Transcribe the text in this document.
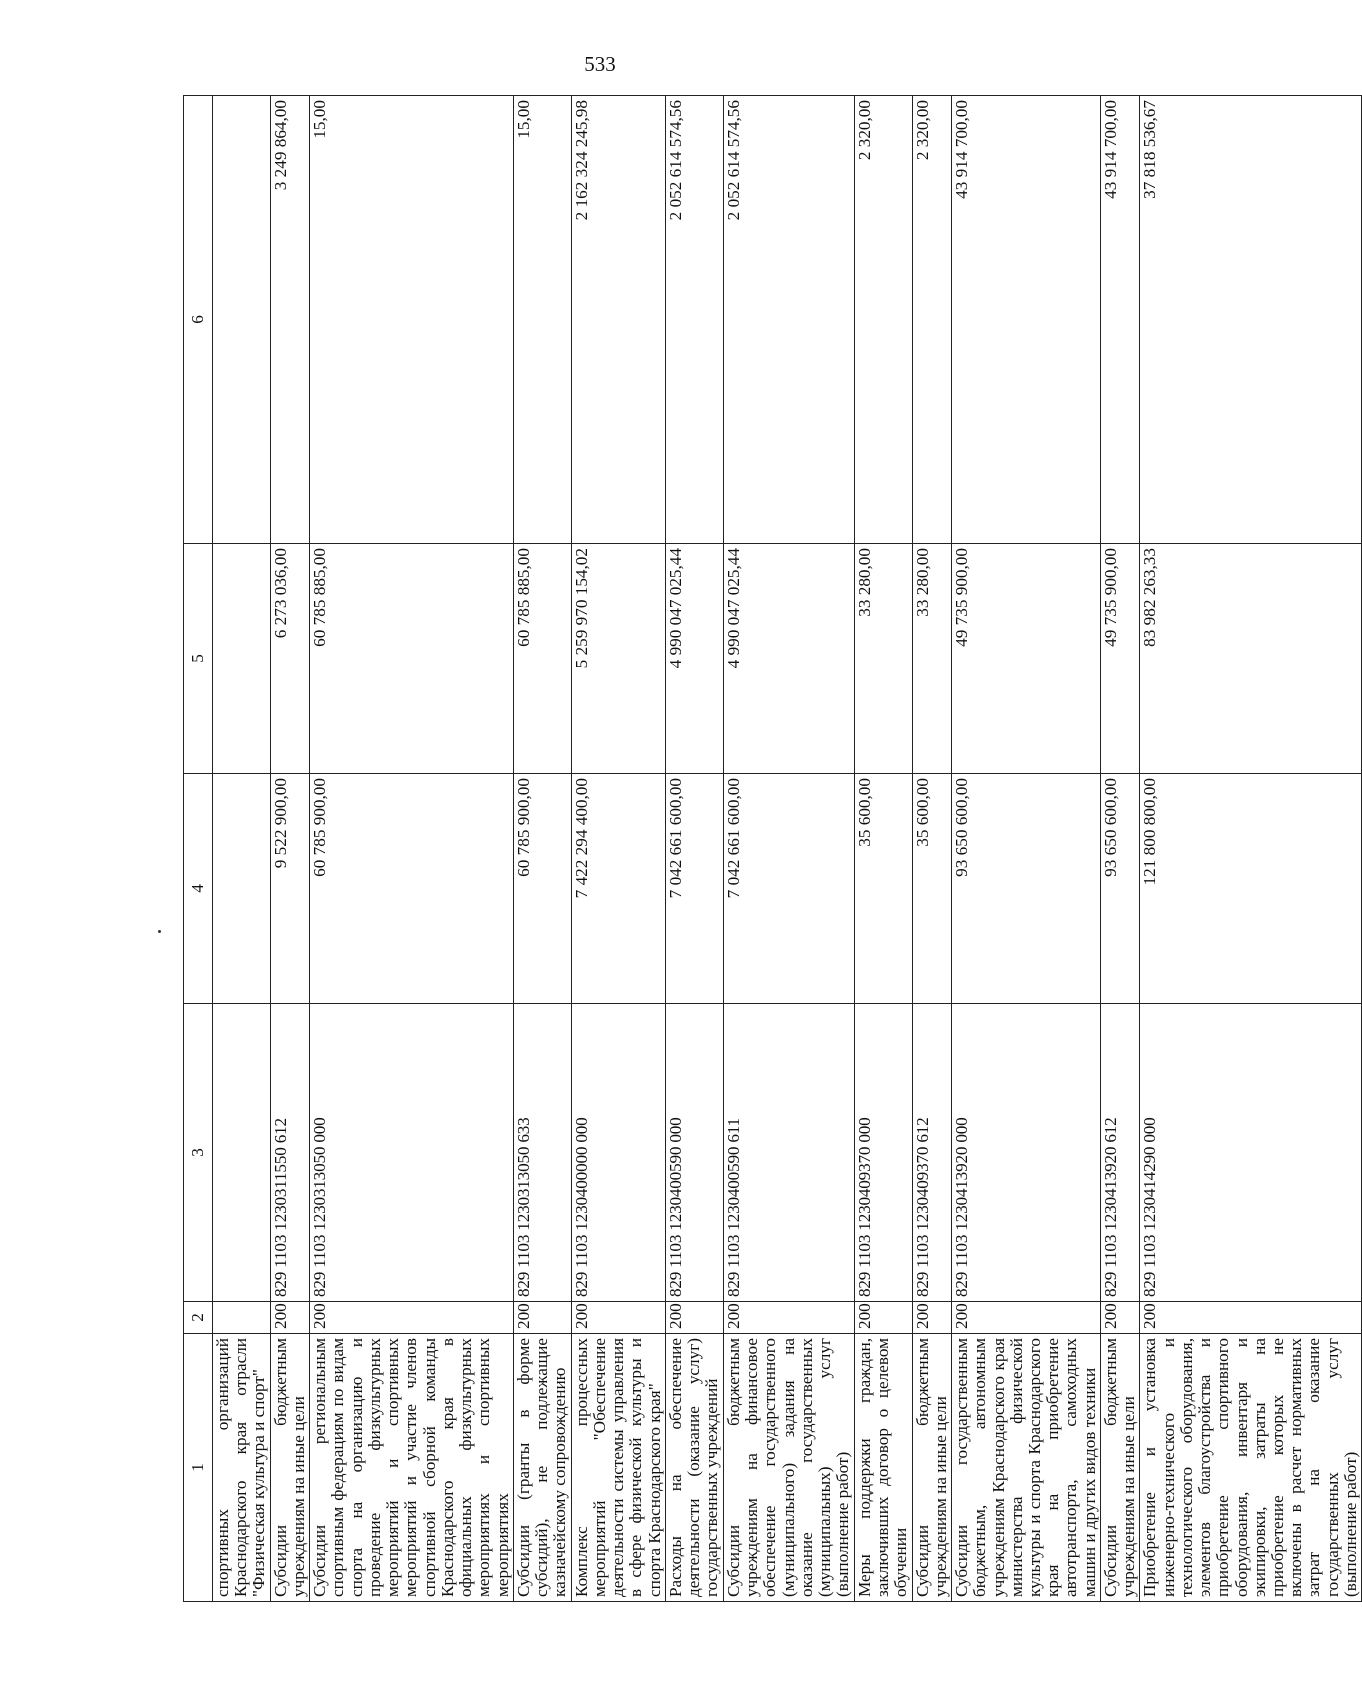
533
1	2	3	4	5	6
спортивных организаций Краснодарского края отрасли "Физическая культура и спорт"					
Субсидии бюджетным учреждениям на иные цели	200	829 1103 1230311550 612	9 522 900,00	6 273 036,00	3 249 864,00
Субсидии региональным спортивным федерациям по видам спорта на организацию и проведение физкультурных мероприятий и спортивных мероприятий и участие членов спортивной сборной команды Краснодарского края в официальных физкультурных мероприятиях и спортивных мероприятиях	200	829 1103 1230313050 000	60 785 900,00	60 785 885,00	15,00
Субсидии (гранты в форме субсидий), не подлежащие казначейскому сопровождению	200	829 1103 1230313050 633	60 785 900,00	60 785 885,00	15,00
Комплекс процессных мероприятий "Обеспечение деятельности системы управления в сфере физической культуры и спорта Краснодарского края"	200	829 1103 1230400000 000	7 422 294 400,00	5 259 970 154,02	2 162 324 245,98
Расходы на обеспечение деятельности (оказание услуг) государственных учреждений	200	829 1103 1230400590 000	7 042 661 600,00	4 990 047 025,44	2 052 614 574,56
Субсидии бюджетным учреждениям на финансовое обеспечение государственного (муниципального) задания на оказание государственных (муниципальных) услуг (выполнение работ)	200	829 1103 1230400590 611	7 042 661 600,00	4 990 047 025,44	2 052 614 574,56
Меры поддержки граждан, заключивших договор о целевом обучении	200	829 1103 1230409370 000	35 600,00	33 280,00	2 320,00
Субсидии бюджетным учреждениям на иные цели	200	829 1103 1230409370 612	35 600,00	33 280,00	2 320,00
Субсидии государственным бюджетным, автономным учреждениям Краснодарского края министерства физической культуры и спорта Краснодарского края на приобретение автотранспорта, самоходных машин и других видов техники	200	829 1103 1230413920 000	93 650 600,00	49 735 900,00	43 914 700,00
Субсидии бюджетным учреждениям на иные цели	200	829 1103 1230413920 612	93 650 600,00	49 735 900,00	43 914 700,00
Приобретение и установка инженерно-технического и технологического оборудования, элементов благоустройства и приобретение спортивного оборудования, инвентаря и экипировки, затраты на приобретение которых не включены в расчет нормативных затрат на оказание государственных услуг (выполнение работ)	200	829 1103 1230414290 000	121 800 800,00	83 982 263,33	37 818 536,67
